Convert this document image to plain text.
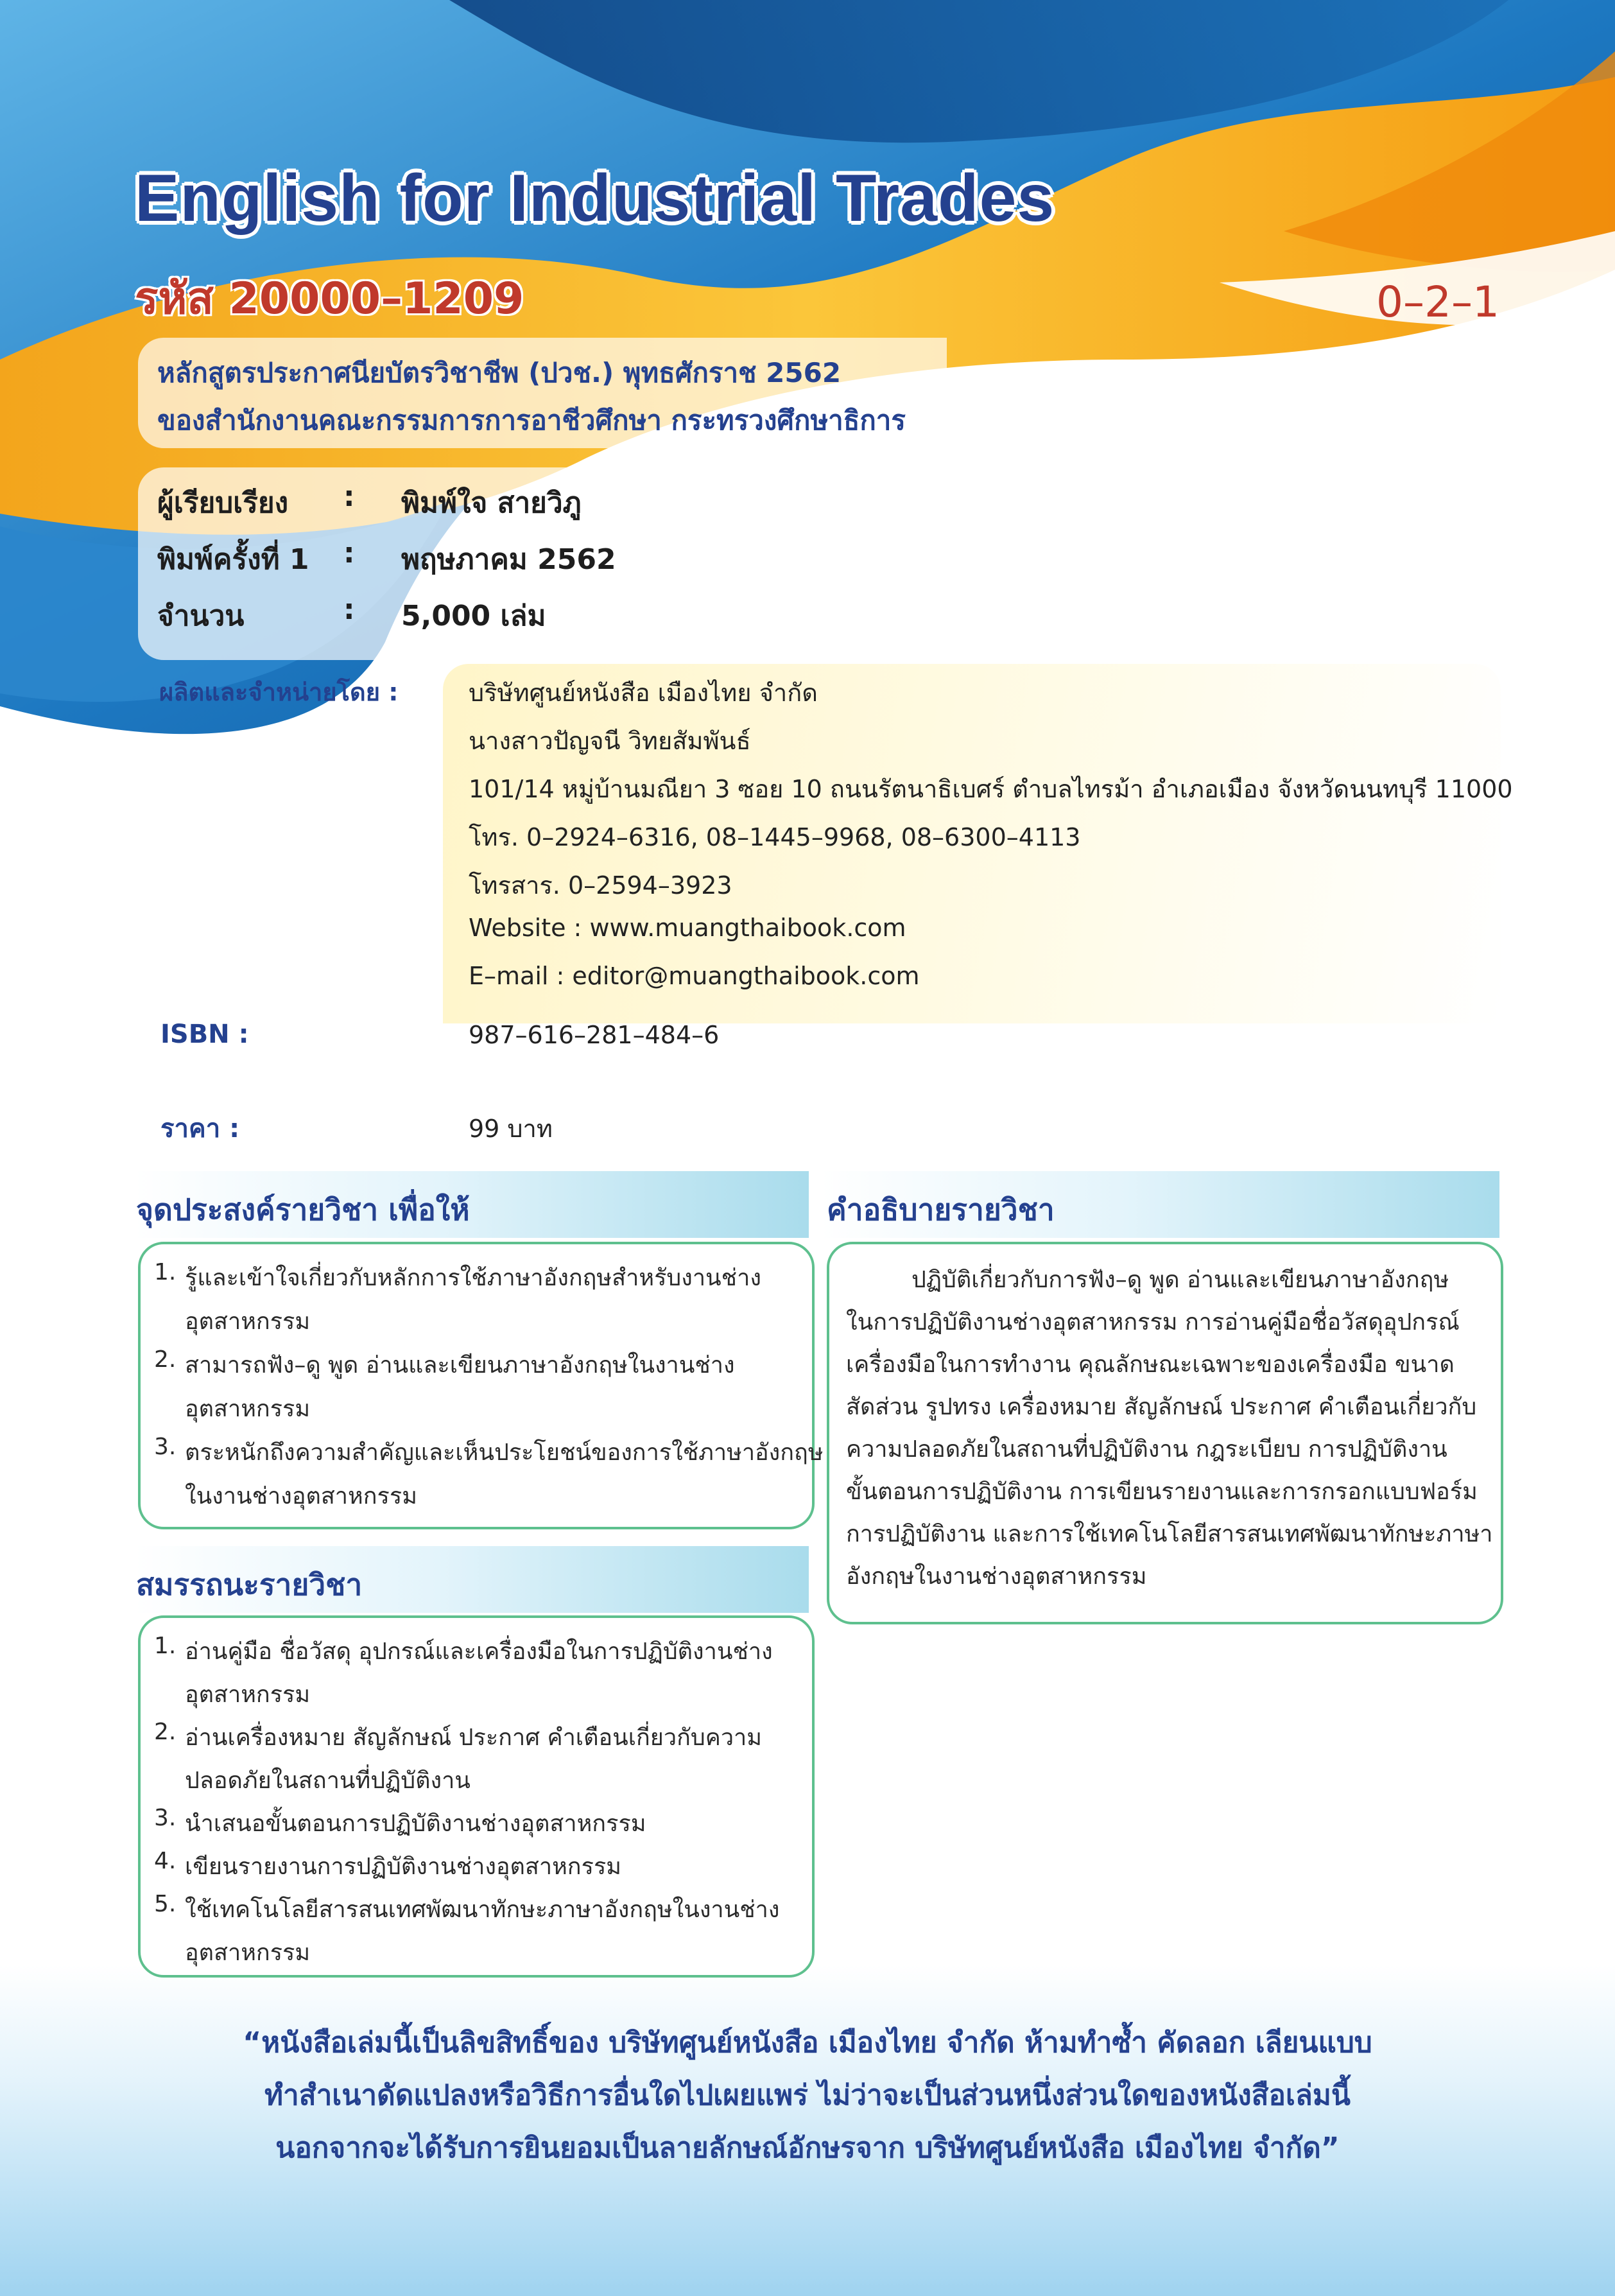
English for Industrial Trades
รหัส 20000–1209	0–2–1
หลักสูตรประกาศนียบัตรวิชาชีพ (ปวช.) พุทธศักราช 2562
ของสำนักงานคณะกรรมการการอาชีวศึกษา กระทรวงศึกษาธิการ
ผู้เรียบเรียง : พิมพ์ใจ สายวิภู
พิมพ์ครั้งที่ 1 : พฤษภาคม 2562
จำนวน	: 5,000 เล่ม
ผลิตและจำหน่ายโดย :	บริษัทศูนย์หนังสือ เมืองไทย จำกัด
นางสาวปัญจนี วิทยสัมพันธ์
101/14 หมู่บ้านมณียา 3 ซอย 10 ถนนรัตนาธิเบศร์ ตำบลไทรม้า อำเภอเมือง จังหวัดนนทบุรี 11000
โทร. 0–2924–6316, 08–1445–9968, 08–6300–4113
โทรสาร. 0–2594–3923
Website : www.muangthaibook.com
E–mail : editor@muangthaibook.com
ISBN :	987–616–281–484–6
ราคา :	99 บาท
จุดประสงค์รายวิชา เพื่อให้
1. รู้และเข้าใจเกี่ยวกับหลักการใช้ภาษาอังกฤษสำหรับงานช่าง
อุตสาหกรรม
2. สามารถฟัง–ดู พูด อ่านและเขียนภาษาอังกฤษในงานช่าง
อุตสาหกรรม
3. ตระหนักถึงความสำคัญและเห็นประโยชน์ของการใช้ภาษาอังกฤษ
ในงานช่างอุตสาหกรรม
สมรรถนะรายวิชา
1. อ่านคู่มือ ชื่อวัสดุ อุปกรณ์และเครื่องมือในการปฏิบัติงานช่าง
อุตสาหกรรม
2. อ่านเครื่องหมาย สัญลักษณ์ ประกาศ คำเตือนเกี่ยวกับความ
ปลอดภัยในสถานที่ปฏิบัติงาน
3. นำเสนอขั้นตอนการปฏิบัติงานช่างอุตสาหกรรม
4. เขียนรายงานการปฏิบัติงานช่างอุตสาหกรรม
5. ใช้เทคโนโลยีสารสนเทศพัฒนาทักษะภาษาอังกฤษในงานช่าง
อุตสาหกรรม
คำอธิบายรายวิชา
ปฏิบัติเกี่ยวกับการฟัง–ดู พูด อ่านและเขียนภาษาอังกฤษ
ในการปฏิบัติงานช่างอุตสาหกรรม การอ่านคู่มือชื่อวัสดุอุปกรณ์
เครื่องมือในการทำงาน คุณลักษณะเฉพาะของเครื่องมือ ขนาด
สัดส่วน รูปทรง เครื่องหมาย สัญลักษณ์ ประกาศ คำเตือนเกี่ยวกับ
ความปลอดภัยในสถานที่ปฏิบัติงาน กฎระเบียบ การปฏิบัติงาน
ขั้นตอนการปฏิบัติงาน การเขียนรายงานและการกรอกแบบฟอร์ม
การปฏิบัติงาน และการใช้เทคโนโลยีสารสนเทศพัฒนาทักษะภาษา
อังกฤษในงานช่างอุตสาหกรรม
“หนังสือเล่มนี้เป็นลิขสิทธิ์ของ บริษัทศูนย์หนังสือ เมืองไทย จำกัด ห้ามทำซ้ำ คัดลอก เลียนแบบ
ทำสำเนาดัดแปลงหรือวิธีการอื่นใดไปเผยแพร่ ไม่ว่าจะเป็นส่วนหนึ่งส่วนใดของหนังสือเล่มนี้
นอกจากจะได้รับการยินยอมเป็นลายลักษณ์อักษรจาก บริษัทศูนย์หนังสือ เมืองไทย จำกัด”
